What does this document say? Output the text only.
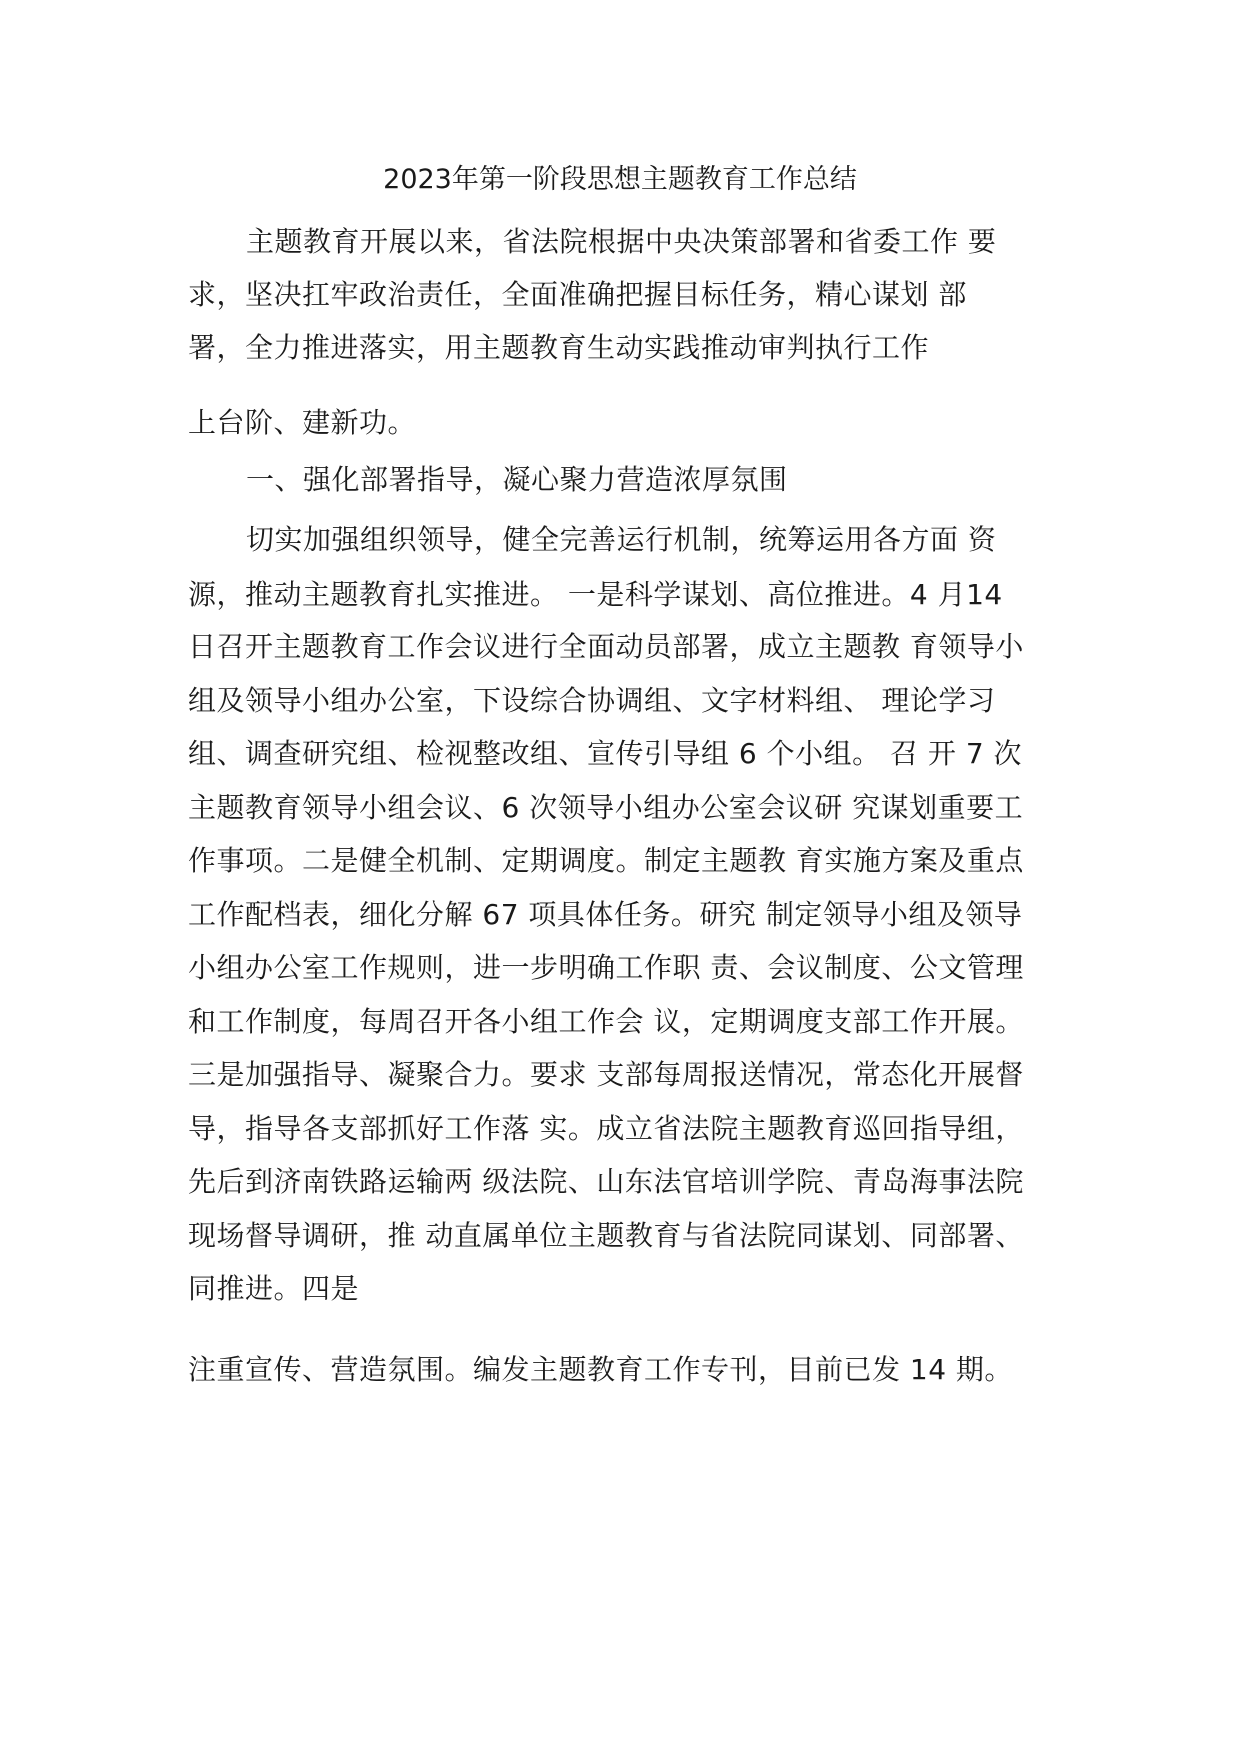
2023年第一阶段思想主题教育工作总结

主题教育开展以来，省法院根据中央决策部署和省委工作 要

求，坚决扛牢政治责任，全面准确把握目标任务，精心谋划 部

署，全力推进落实，用主题教育生动实践推动审判执行工作

上台阶、建新功。

一、强化部署指导，凝心聚力营造浓厚氛围

切实加强组织领导，健全完善运行机制，统筹运用各方面 资

源，推动主题教育扎实推进。 一是科学谋划、高位推进。4 月14

日召开主题教育工作会议进行全面动员部署，成立主题教 育领导小

组及领导小组办公室，下设综合协调组、文字材料组、 理论学习

组、调查研究组、检视整改组、宣传引导组 6 个小组。 召 开 7 次

主题教育领导小组会议、6 次领导小组办公室会议研 究谋划重要工

作事项。二是健全机制、定期调度。制定主题教 育实施方案及重点

工作配档表，细化分解 67 项具体任务。研究 制定领导小组及领导

小组办公室工作规则，进一步明确工作职 责、会议制度、公文管理

和工作制度，每周召开各小组工作会 议，定期调度支部工作开展。

三是加强指导、凝聚合力。要求 支部每周报送情况，常态化开展督

导，指导各支部抓好工作落 实。成立省法院主题教育巡回指导组，

先后到济南铁路运输两 级法院、山东法官培训学院、青岛海事法院

现场督导调研，推 动直属单位主题教育与省法院同谋划、同部署、

同推进。四是

注重宣传、营造氛围。编发主题教育工作专刊，目前已发 14 期。
